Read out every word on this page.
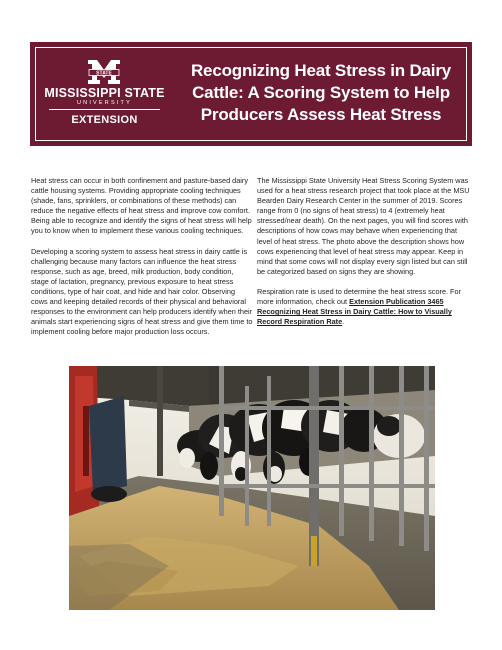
STATE
MISSISSIPPI STATE
UNIVERSITY
EXTENSION
Recognizing Heat Stress in Dairy Cattle: A Scoring System to Help Producers Assess Heat Stress

Heat stress can occur in both confinement and pasture-based dairy cattle housing systems. Providing appropriate cooling techniques (shade, fans, sprinklers, or combinations of these methods) can reduce the negative effects of heat stress and improve cow comfort. Being able to recognize and identify the signs of heat stress will help you to know when to implement these various cooling techniques.

Developing a scoring system to assess heat stress in dairy cattle is challenging because many factors can influence the heat stress response, such as age, breed, milk production, body condition, stage of lactation, pregnancy, previous exposure to heat stress conditions, type of hair coat, and hide and hair color. Observing cows and keeping detailed records of their physical and behavioral responses to the environment can help producers identify when their animals start experiencing signs of heat stress and give them time to implement cooling before major production loss occurs.

The Mississippi State University Heat Stress Scoring System was used for a heat stress research project that took place at the MSU Bearden Dairy Research Center in the summer of 2019. Scores range from 0 (no signs of heat stress) to 4 (extremely heat stressed/near death). On the next pages, you will find scores with descriptions of how cows may behave when experiencing that level of heat stress. The photo above the description shows how cows experiencing that level of heat stress may appear. Keep in mind that some cows will not display every sign listed but can still be categorized based on signs they are showing.

Respiration rate is used to determine the heat stress score. For more information, check out Extension Publication 3465 Recognizing Heat Stress in Dairy Cattle: How to Visually Record Respiration Rate.
